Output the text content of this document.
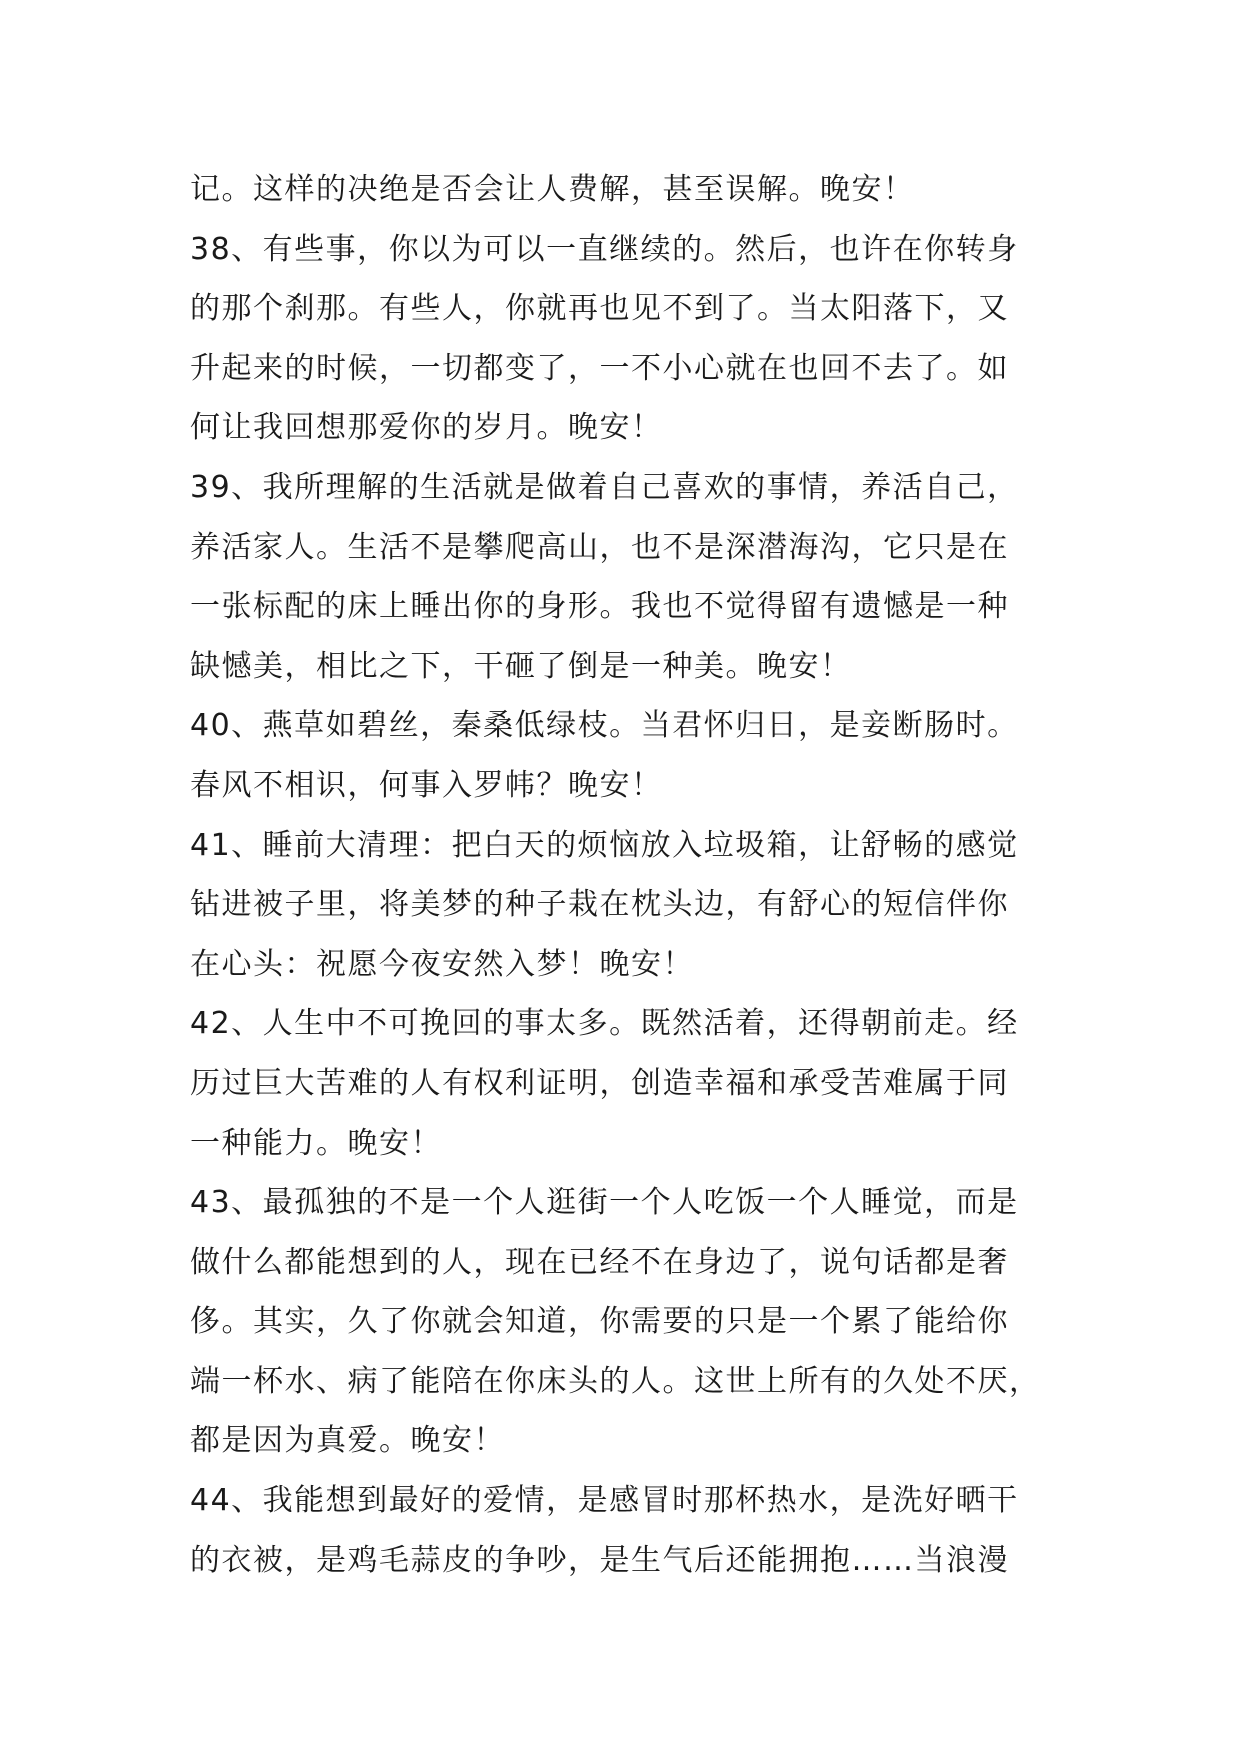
记。这样的决绝是否会让人费解，甚至误解。晚安！
38、有些事，你以为可以一直继续的。然后，也许在你转身
的那个刹那。有些人，你就再也见不到了。当太阳落下，又
升起来的时候，一切都变了，一不小心就在也回不去了。如
何让我回想那爱你的岁月。晚安！
39、我所理解的生活就是做着自己喜欢的事情，养活自己，
养活家人。生活不是攀爬高山，也不是深潜海沟，它只是在
一张标配的床上睡出你的身形。我也不觉得留有遗憾是一种
缺憾美，相比之下，干砸了倒是一种美。晚安！
40、燕草如碧丝，秦桑低绿枝。当君怀归日，是妾断肠时。
春风不相识，何事入罗帏？晚安！
41、睡前大清理：把白天的烦恼放入垃圾箱，让舒畅的感觉
钻进被子里，将美梦的种子栽在枕头边，有舒心的短信伴你
在心头：祝愿今夜安然入梦！晚安！
42、人生中不可挽回的事太多。既然活着，还得朝前走。经
历过巨大苦难的人有权利证明，创造幸福和承受苦难属于同
一种能力。晚安！
43、最孤独的不是一个人逛街一个人吃饭一个人睡觉，而是
做什么都能想到的人，现在已经不在身边了，说句话都是奢
侈。其实，久了你就会知道，你需要的只是一个累了能给你
端一杯水、病了能陪在你床头的人。这世上所有的久处不厌，
都是因为真爱。晚安！
44、我能想到最好的爱情，是感冒时那杯热水，是洗好晒干
的衣被，是鸡毛蒜皮的争吵，是生气后还能拥抱……当浪漫
